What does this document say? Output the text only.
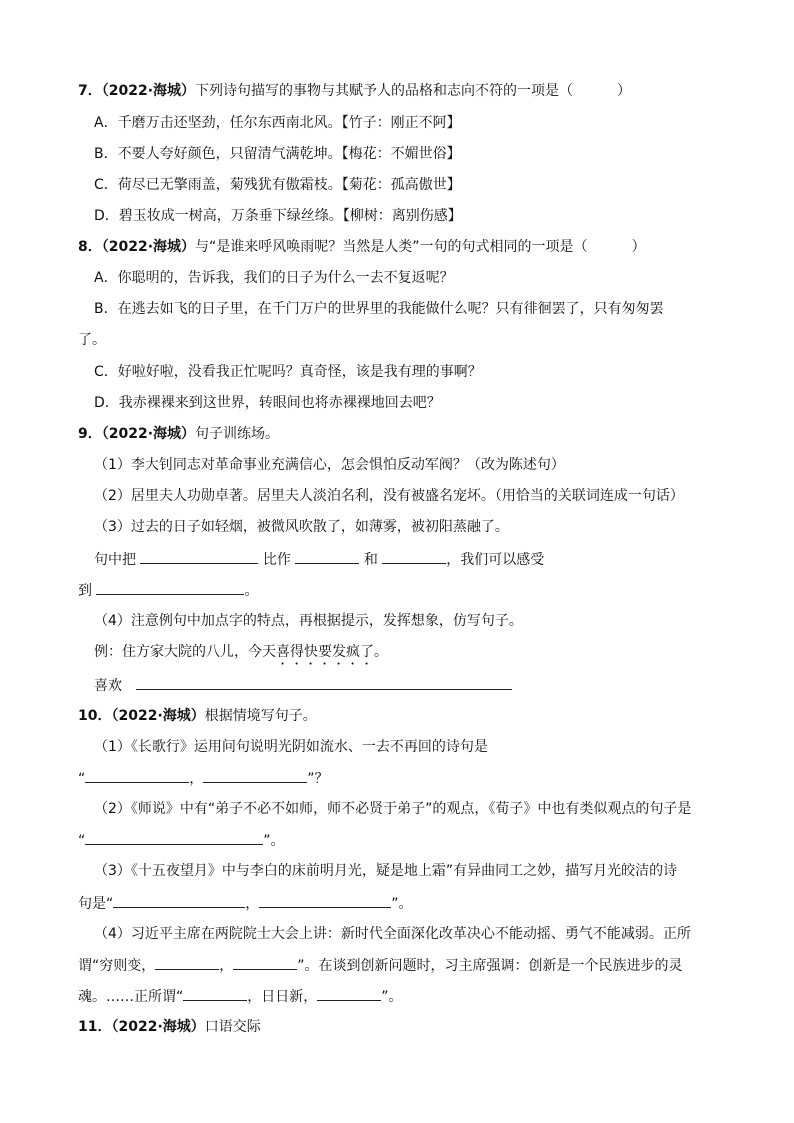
7．（2022·海城）下列诗句描写的事物与其赋予人的品格和志向不符的一项是（	）
A．千磨万击还坚劲，任尔东西南北风。【竹子：刚正不阿】
B．不要人夸好颜色，只留清气满乾坤。【梅花：不媚世俗】
C．荷尽已无擎雨盖，菊残犹有傲霜枝。【菊花：孤高傲世】
D．碧玉妆成一树高，万条垂下绿丝绦。【柳树：离别伤感】
8．（2022·海城）与“是谁来呼风唤雨呢？当然是人类”一句的句式相同的一项是（	）
A．你聪明的，告诉我，我们的日子为什么一去不复返呢？
B．在逃去如飞的日子里，在千门万户的世界里的我能做什么呢？只有徘徊罢了，只有匆匆罢
了。
C．好啦好啦，没看我正忙呢吗？真奇怪，该是我有理的事啊？
D．我赤裸裸来到这世界，转眼间也将赤裸裸地回去吧？
9．（2022·海城）句子训练场。
（1）李大钊同志对革命事业充满信心，怎会惧怕反动军阀？（改为陈述句）
（2）居里夫人功勋卓著。居里夫人淡泊名利，没有被盛名宠坏。（用恰当的关联词连成一句话）
（3）过去的日子如轻烟，被微风吹散了，如薄雾，被初阳蒸融了。
句中把	比作	和	，我们可以感受
到	。
（4）注意例句中加点字的特点，再根据提示，发挥想象，仿写句子。
例：住方家大院的八儿，今天喜得快要发疯了。
喜欢
10．（2022·海城）根据情境写句子。
（1）《长歌行》运用问句说明光阴如流水、一去不再回的诗句是
“	，	”？
（2）《师说》中有“弟子不必不如师，师不必贤于弟子”的观点，《荀子》中也有类似观点的句子是
“	”。
（3）《十五夜望月》中与李白的床前明月光，疑是地上霜”有异曲同工之妙，描写月光皎洁的诗
句是“	，	”。
（4）习近平主席在两院院士大会上讲：新时代全面深化改革决心不能动摇、勇气不能减弱。正所
谓“穷则变，	，	”。在谈到创新问题时，习主席强调：创新是一个民族进步的灵
魂。……正所谓“	，日日新，	”。
11．（2022·海城）口语交际
